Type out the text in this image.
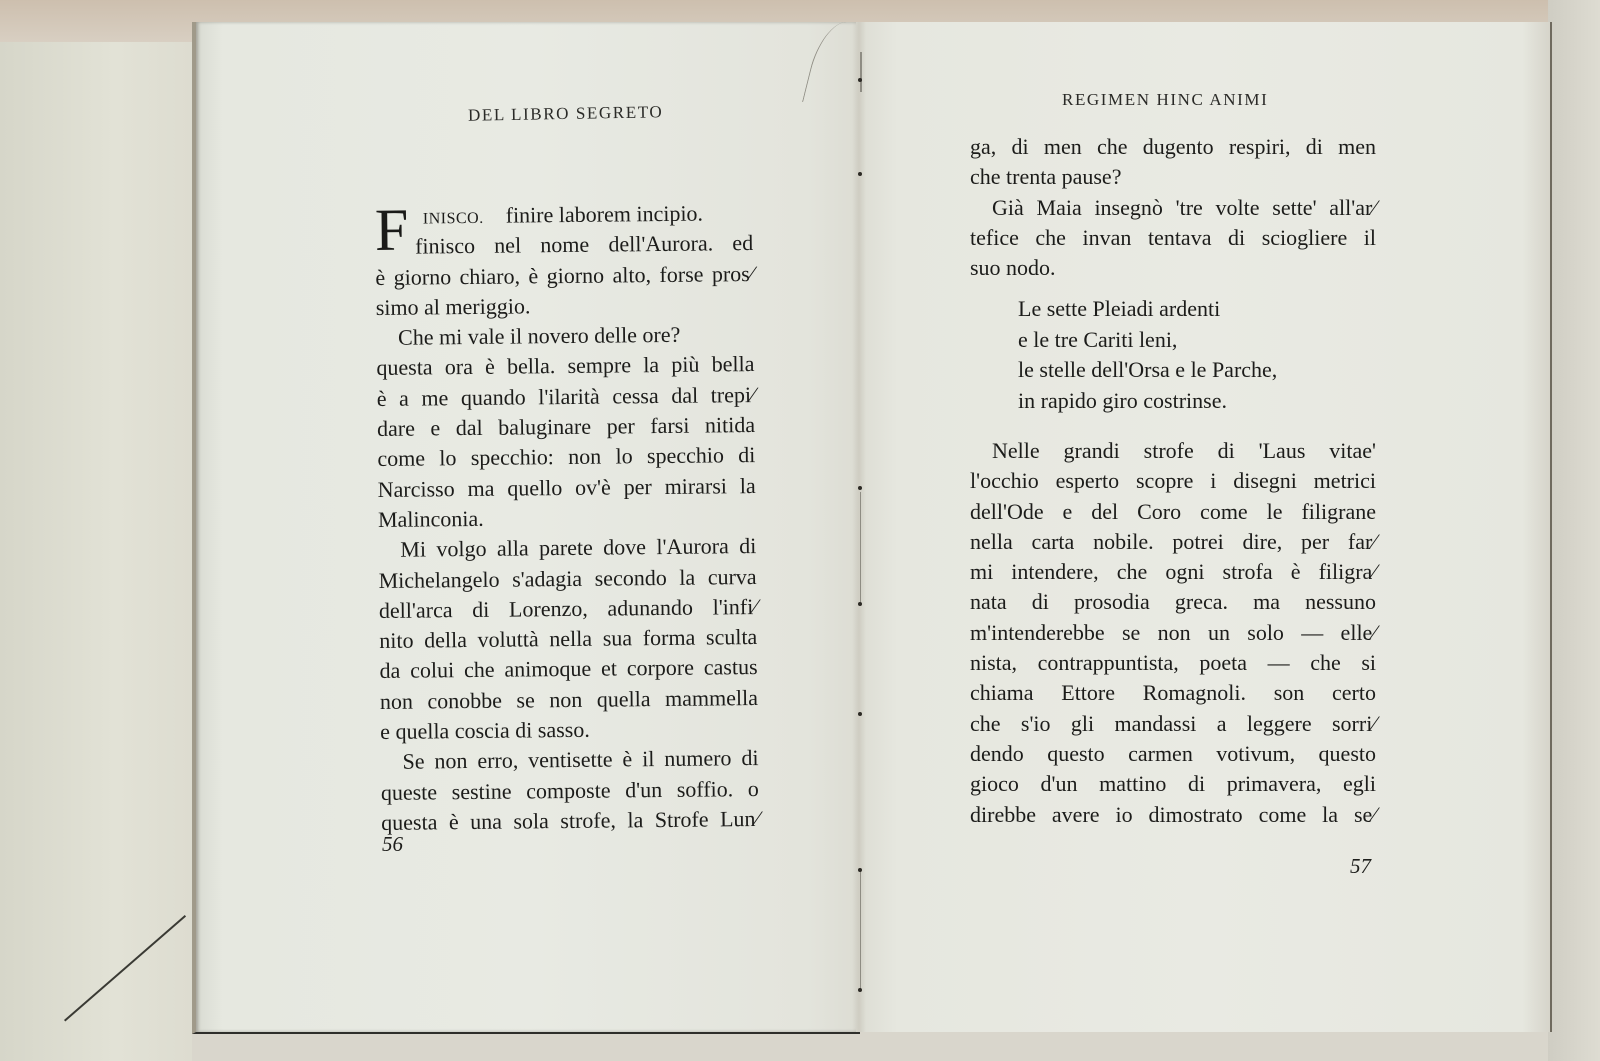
DEL LIBRO SEGRETO
F INISCO. finire laborem incipio.
finisco nel nome dell'Aurora. ed
è giorno chiaro, è giorno alto, forse pros⁄
simo al meriggio.
Che mi vale il novero delle ore?
questa ora è bella. sempre la più bella
è a me quando l'ilarità cessa dal trepi⁄
dare e dal baluginare per farsi nitida
come lo specchio: non lo specchio di
Narcisso ma quello ov'è per mirarsi la
Malinconia.
Mi volgo alla parete dove l'Aurora di
Michelangelo s'adagia secondo la curva
dell'arca di Lorenzo, adunando l'infi⁄
nito della voluttà nella sua forma sculta
da colui che animoque et corpore castus
non conobbe se non quella mammella
e quella coscia di sasso.
Se non erro, ventisette è il numero di
queste sestine composte d'un soffio. o
questa è una sola strofe, la Strofe Lun⁄
56
REGIMEN HINC ANIMI
ga, di men che dugento respiri, di men
che trenta pause?
Già Maia insegnò 'tre volte sette' all'ar⁄
tefice che invan tentava di sciogliere il
suo nodo.
Le sette Pleiadi ardenti
e le tre Cariti leni,
le stelle dell'Orsa e le Parche,
in rapido giro costrinse.
Nelle grandi strofe di 'Laus vitae'
l'occhio esperto scopre i disegni metrici
dell'Ode e del Coro come le filigrane
nella carta nobile. potrei dire, per far⁄
mi intendere, che ogni strofa è filigra⁄
nata di prosodia greca. ma nessuno
m'intenderebbe se non un solo — elle⁄
nista, contrappuntista, poeta — che si
chiama Ettore Romagnoli. son certo
che s'io gli mandassi a leggere sorri⁄
dendo questo carmen votivum, questo
gioco d'un mattino di primavera, egli
direbbe avere io dimostrato come la se⁄
57
